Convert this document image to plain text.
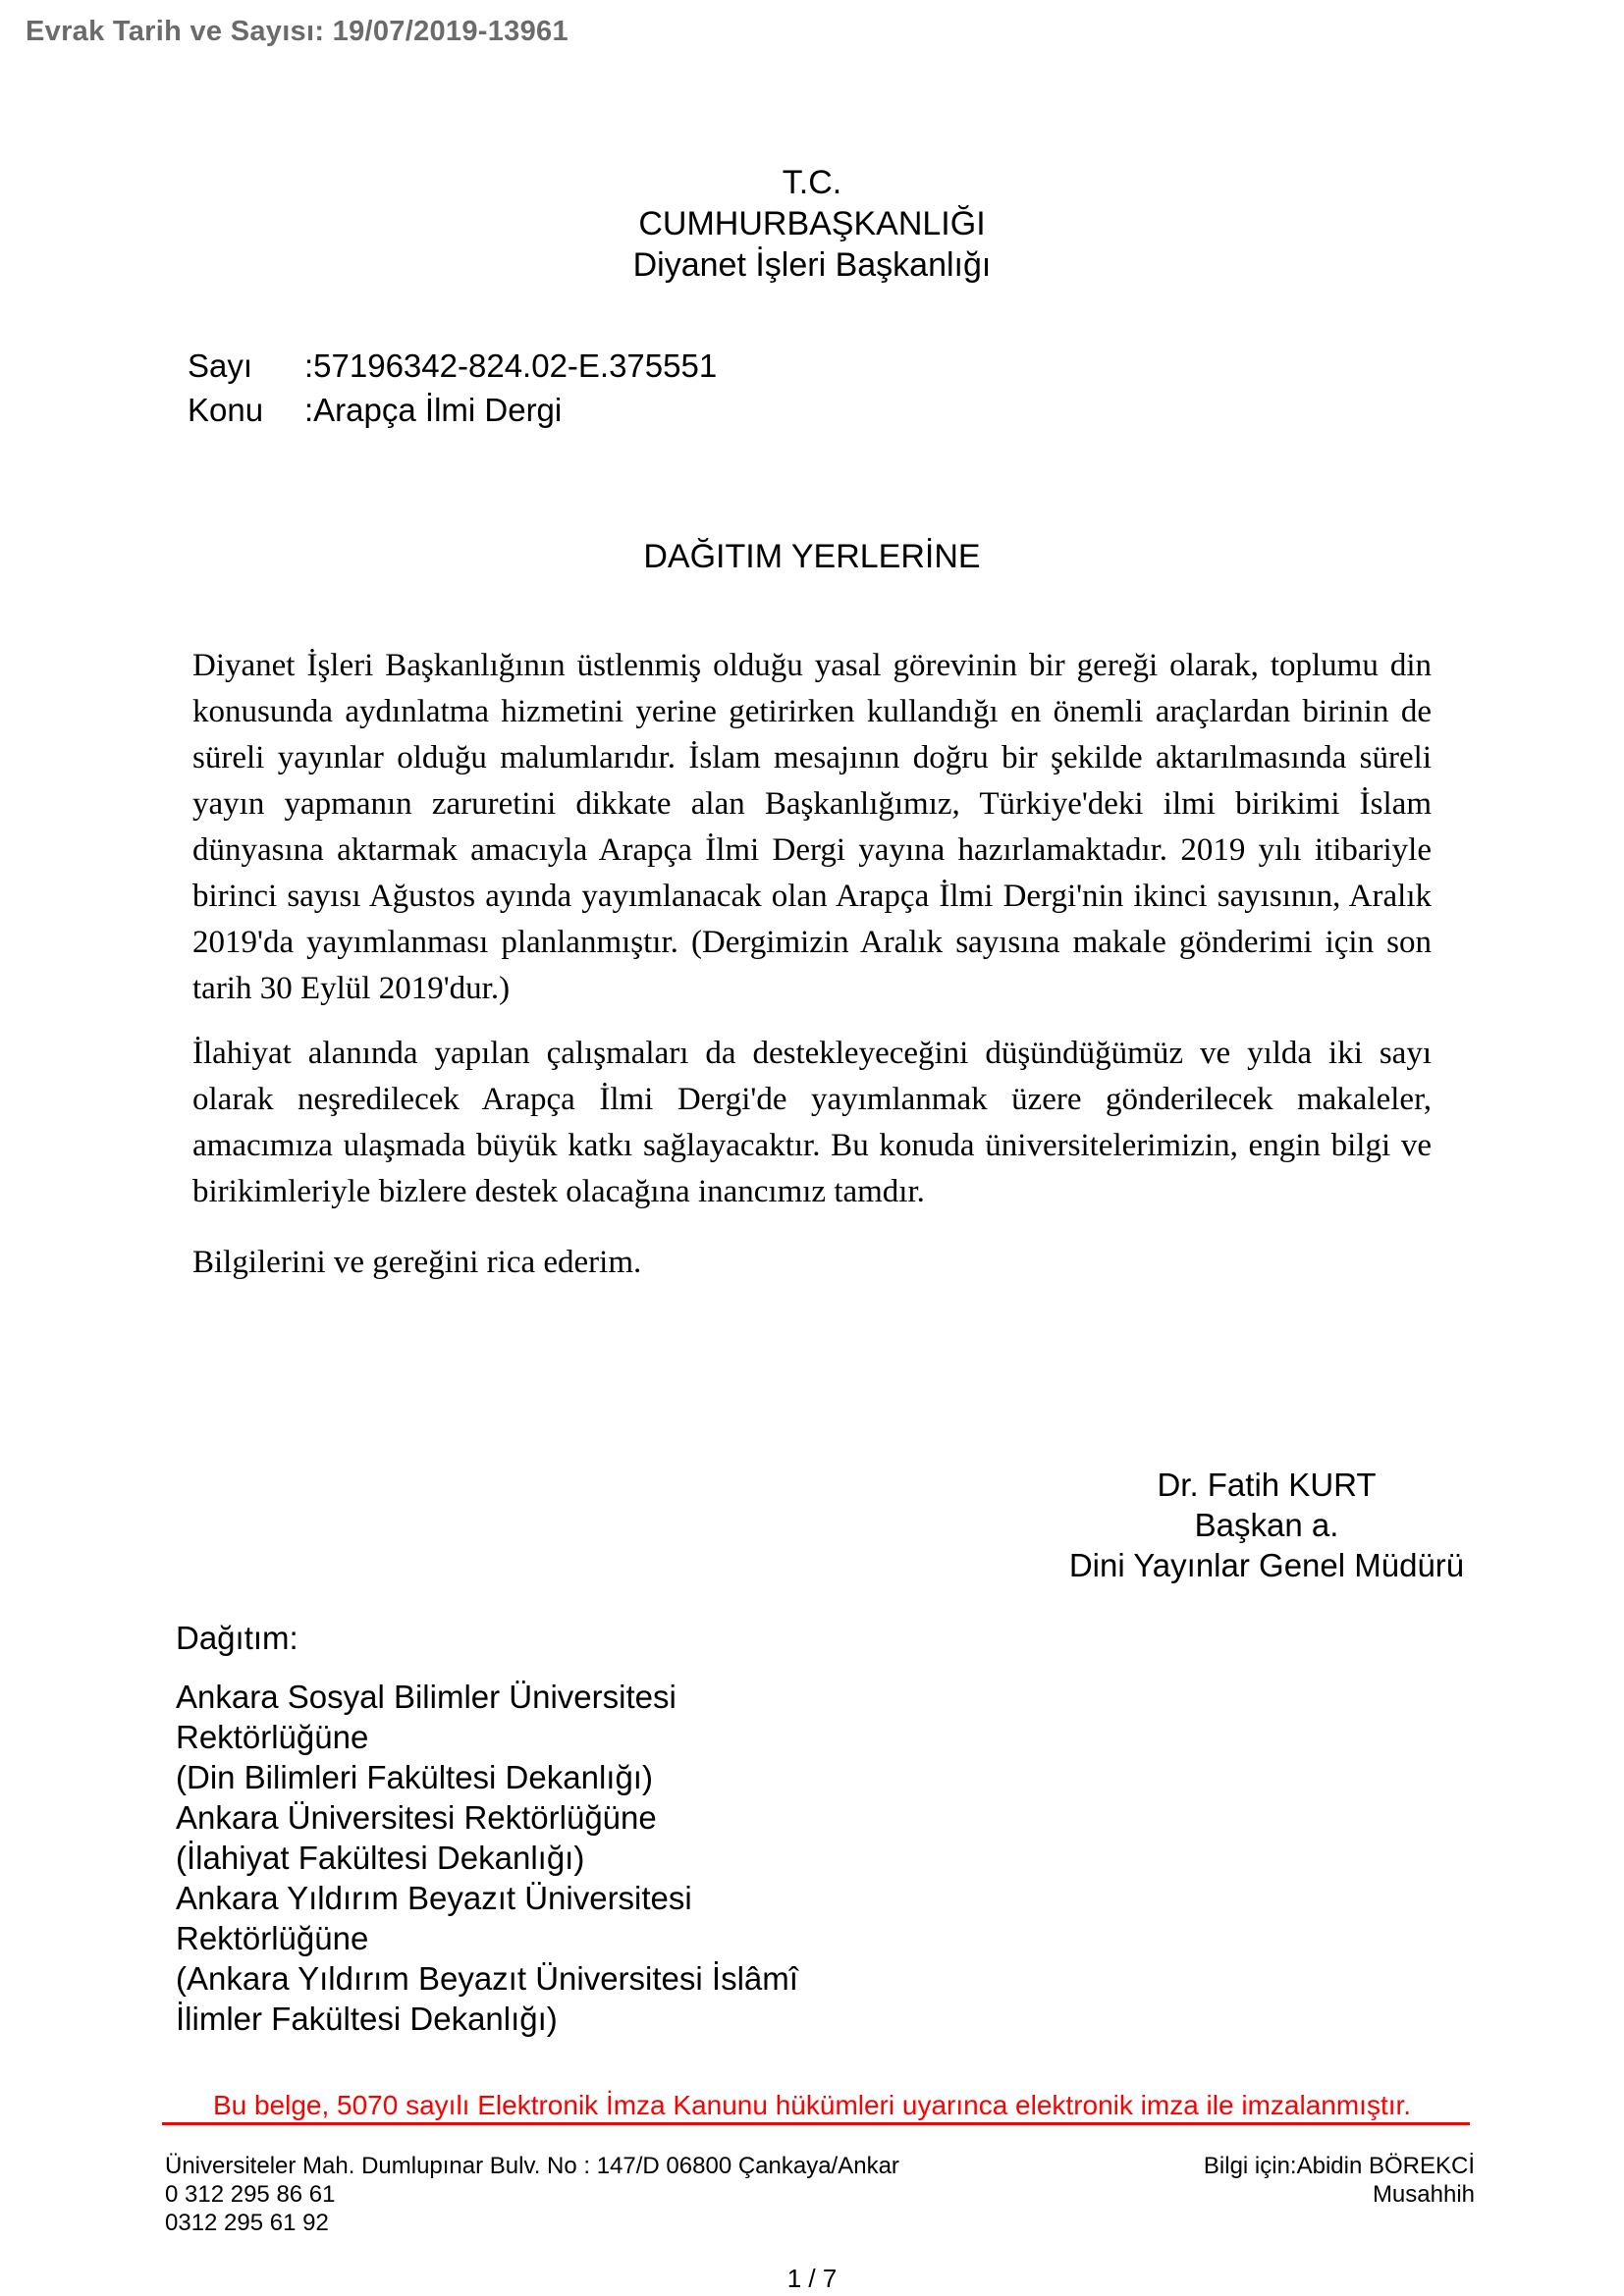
Evrak Tarih ve Sayısı: 19/07/2019-13961
T.C.
CUMHURBAŞKANLIĞI
Diyanet İşleri Başkanlığı
Sayı :57196342-824.02-E.375551
Konu :Arapça İlmi Dergi
DAĞITIM YERLERİNE

Diyanet İşleri Başkanlığının üstlenmiş olduğu yasal görevinin bir gereği olarak, toplumu din konusunda aydınlatma hizmetini yerine getirirken kullandığı en önemli araçlardan birinin de süreli yayınlar olduğu malumlarıdır. İslam mesajının doğru bir şekilde aktarılmasında süreli yayın yapmanın zaruretini dikkate alan Başkanlığımız, Türkiye'deki ilmi birikimi İslam dünyasına aktarmak amacıyla Arapça İlmi Dergi yayına hazırlamaktadır. 2019 yılı itibariyle birinci sayısı Ağustos ayında yayımlanacak olan Arapça İlmi Dergi'nin ikinci sayısının, Aralık 2019'da yayımlanması planlanmıştır. (Dergimizin Aralık sayısına makale gönderimi için son tarih 30 Eylül 2019'dur.)

İlahiyat alanında yapılan çalışmaları da destekleyeceğini düşündüğümüz ve yılda iki sayı olarak neşredilecek Arapça İlmi Dergi'de yayımlanmak üzere gönderilecek makaleler, amacımıza ulaşmada büyük katkı sağlayacaktır. Bu konuda üniversitelerimizin, engin bilgi ve birikimleriyle bizlere destek olacağına inancımız tamdır.

Bilgilerini ve gereğini rica ederim.
Dr. Fatih KURT
Başkan a.
Dini Yayınlar Genel Müdürü
Dağıtım:
Ankara Sosyal Bilimler Üniversitesi
Rektörlüğüne
(Din Bilimleri Fakültesi Dekanlığı)
Ankara Üniversitesi Rektörlüğüne
(İlahiyat Fakültesi Dekanlığı)
Ankara Yıldırım Beyazıt Üniversitesi
Rektörlüğüne
(Ankara Yıldırım Beyazıt Üniversitesi İslâmî
İlimler Fakültesi Dekanlığı)
Bu belge, 5070 sayılı Elektronik İmza Kanunu hükümleri uyarınca elektronik imza ile imzalanmıştır.
Üniversiteler Mah. Dumlupınar Bulv. No : 147/D 06800 Çankaya/Ankar
0 312 295 86 61
0312 295 61 92
Bilgi için:Abidin BÖREKCİ
Musahhih
1 / 7
